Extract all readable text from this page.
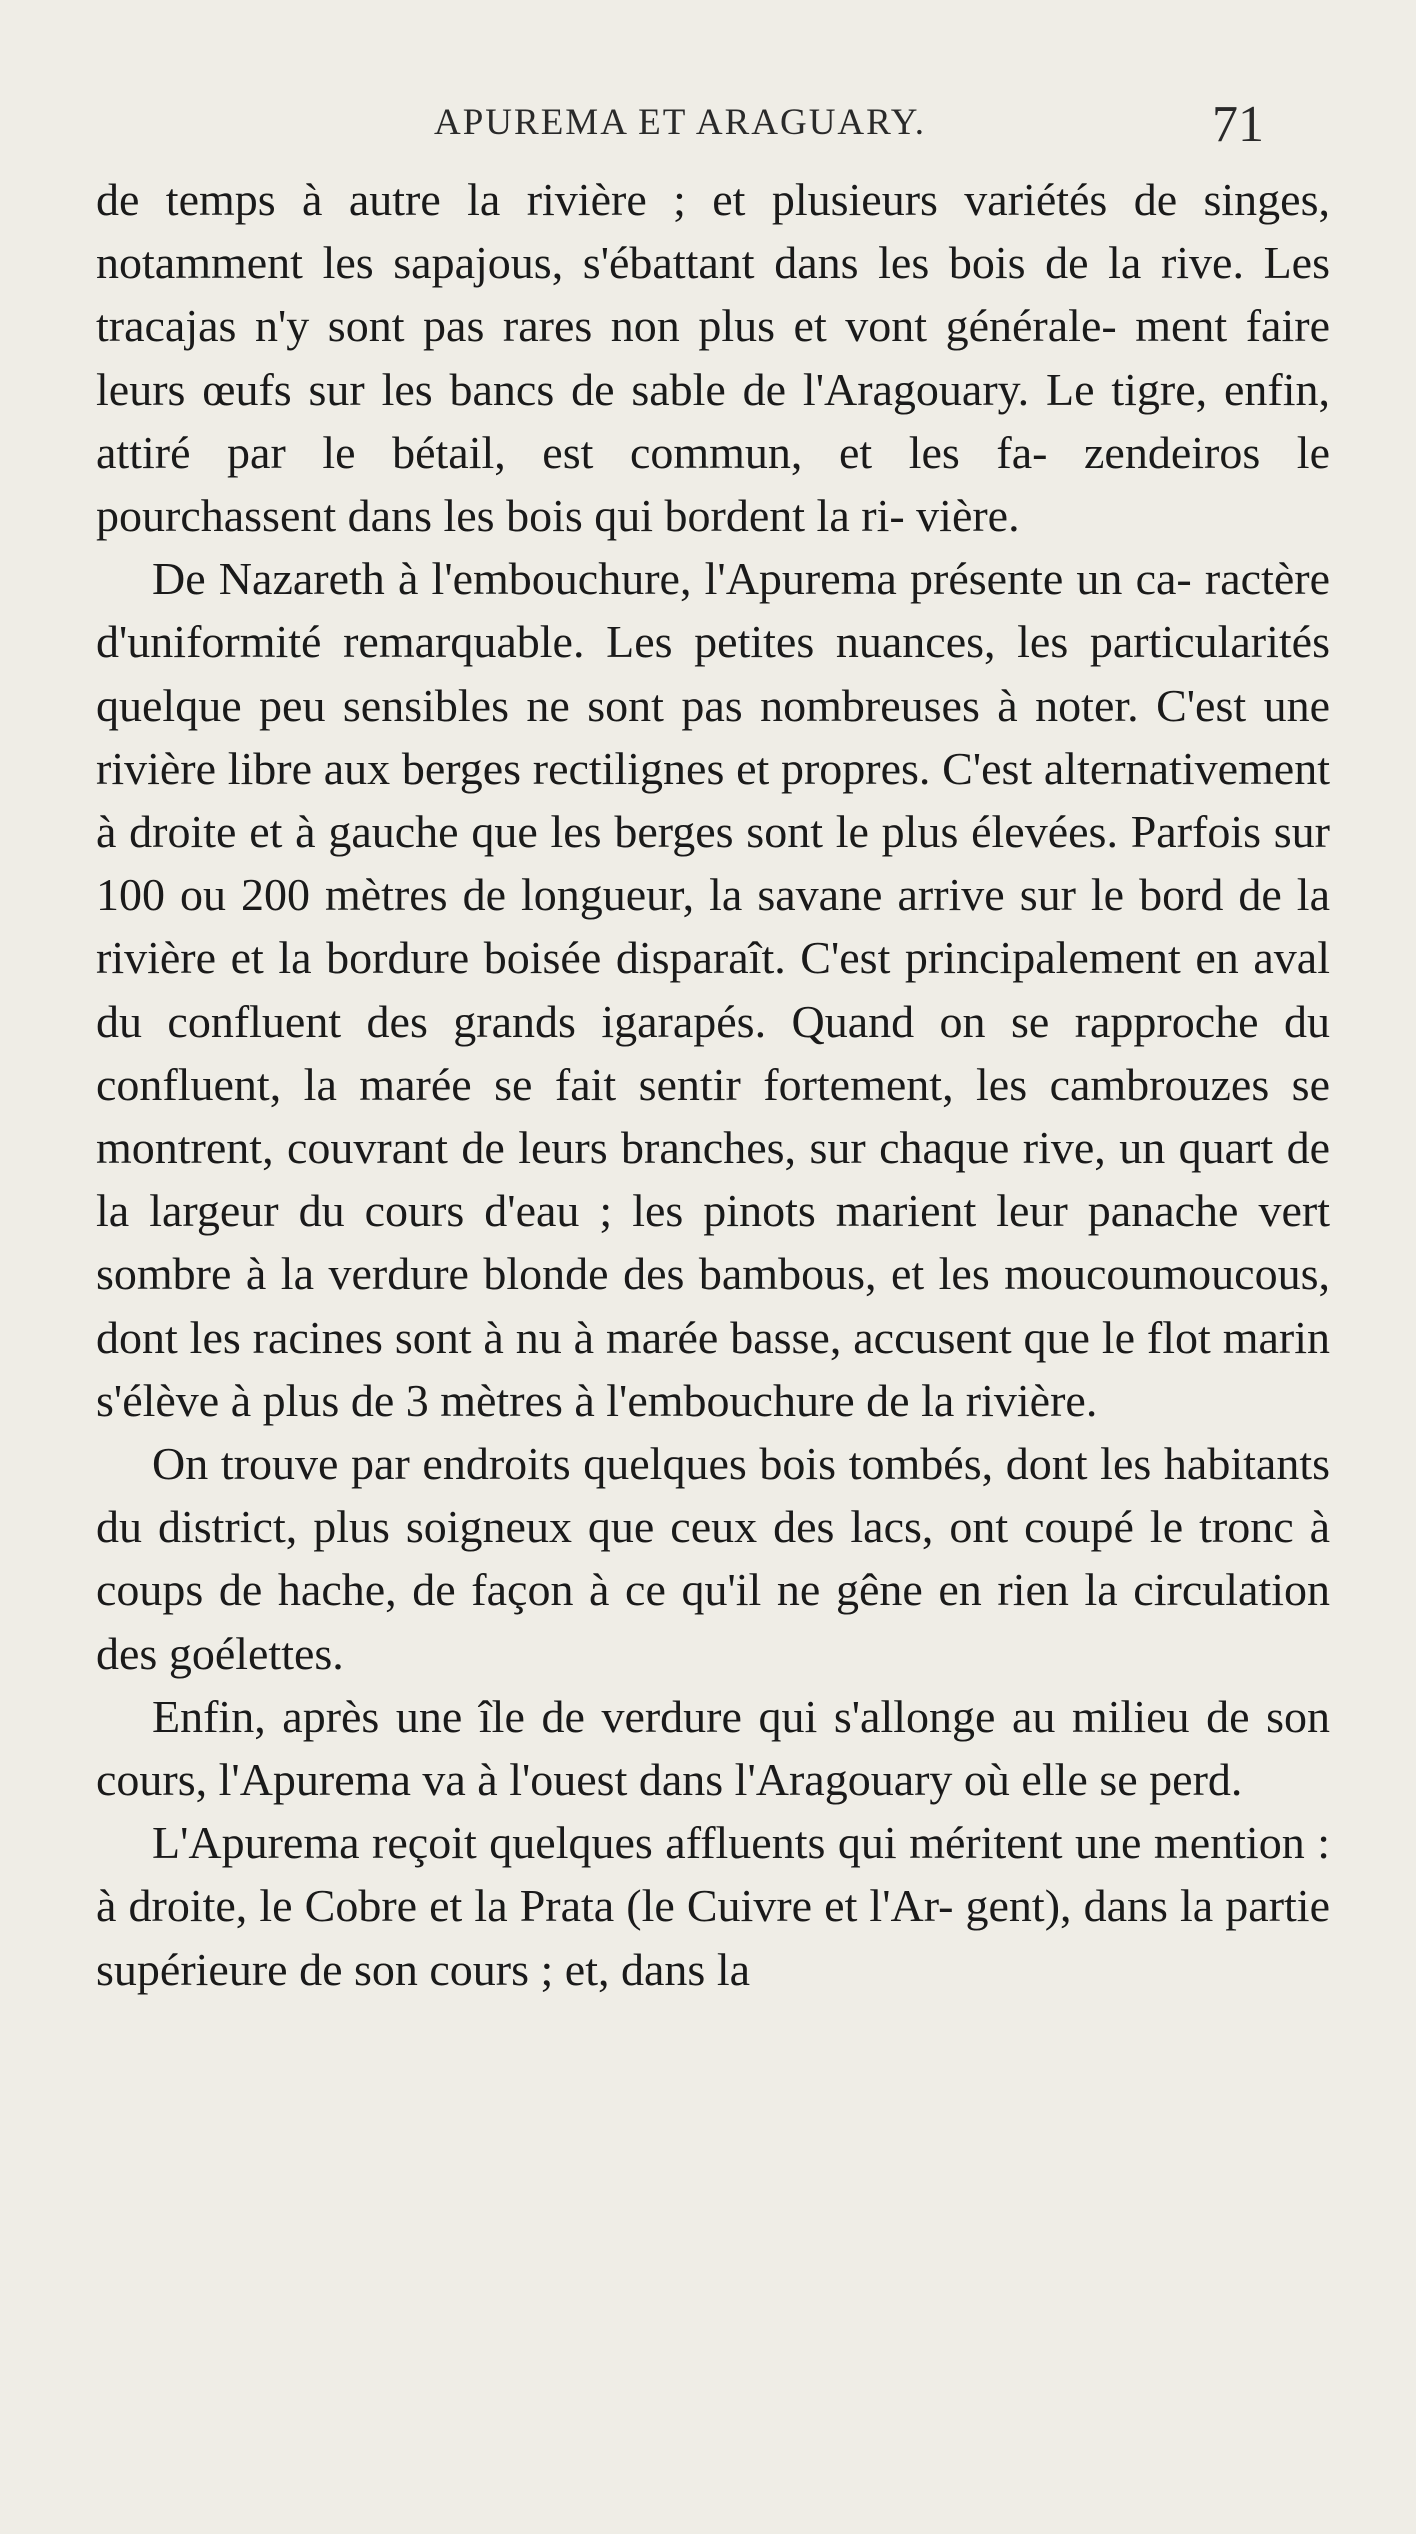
APUREMA ET ARAGUARY.	71

de temps à autre la rivière ; et plusieurs variétés de singes, notamment les sapajous, s'ébattant dans les bois de la rive. Les tracajas n'y sont pas rares non plus et vont générale- ment faire leurs œufs sur les bancs de sable de l'Aragouary. Le tigre, enfin, attiré par le bétail, est commun, et les fa- zendeiros le pourchassent dans les bois qui bordent la ri- vière.

De Nazareth à l'embouchure, l'Apurema présente un ca- ractère d'uniformité remarquable. Les petites nuances, les particularités quelque peu sensibles ne sont pas nombreuses à noter. C'est une rivière libre aux berges rectilignes et propres. C'est alternativement à droite et à gauche que les berges sont le plus élevées. Parfois sur 100 ou 200 mètres de longueur, la savane arrive sur le bord de la rivière et la bordure boisée disparaît. C'est principalement en aval du confluent des grands igarapés. Quand on se rapproche du confluent, la marée se fait sentir fortement, les cambrouzes se montrent, couvrant de leurs branches, sur chaque rive, un quart de la largeur du cours d'eau ; les pinots marient leur panache vert sombre à la verdure blonde des bambous, et les moucoumoucous, dont les racines sont à nu à marée basse, accusent que le flot marin s'élève à plus de 3 mètres à l'embouchure de la rivière.

On trouve par endroits quelques bois tombés, dont les habitants du district, plus soigneux que ceux des lacs, ont coupé le tronc à coups de hache, de façon à ce qu'il ne gêne en rien la circulation des goélettes.

Enfin, après une île de verdure qui s'allonge au milieu de son cours, l'Apurema va à l'ouest dans l'Aragouary où elle se perd.

L'Apurema reçoit quelques affluents qui méritent une mention : à droite, le Cobre et la Prata (le Cuivre et l'Ar- gent), dans la partie supérieure de son cours ; et, dans la
